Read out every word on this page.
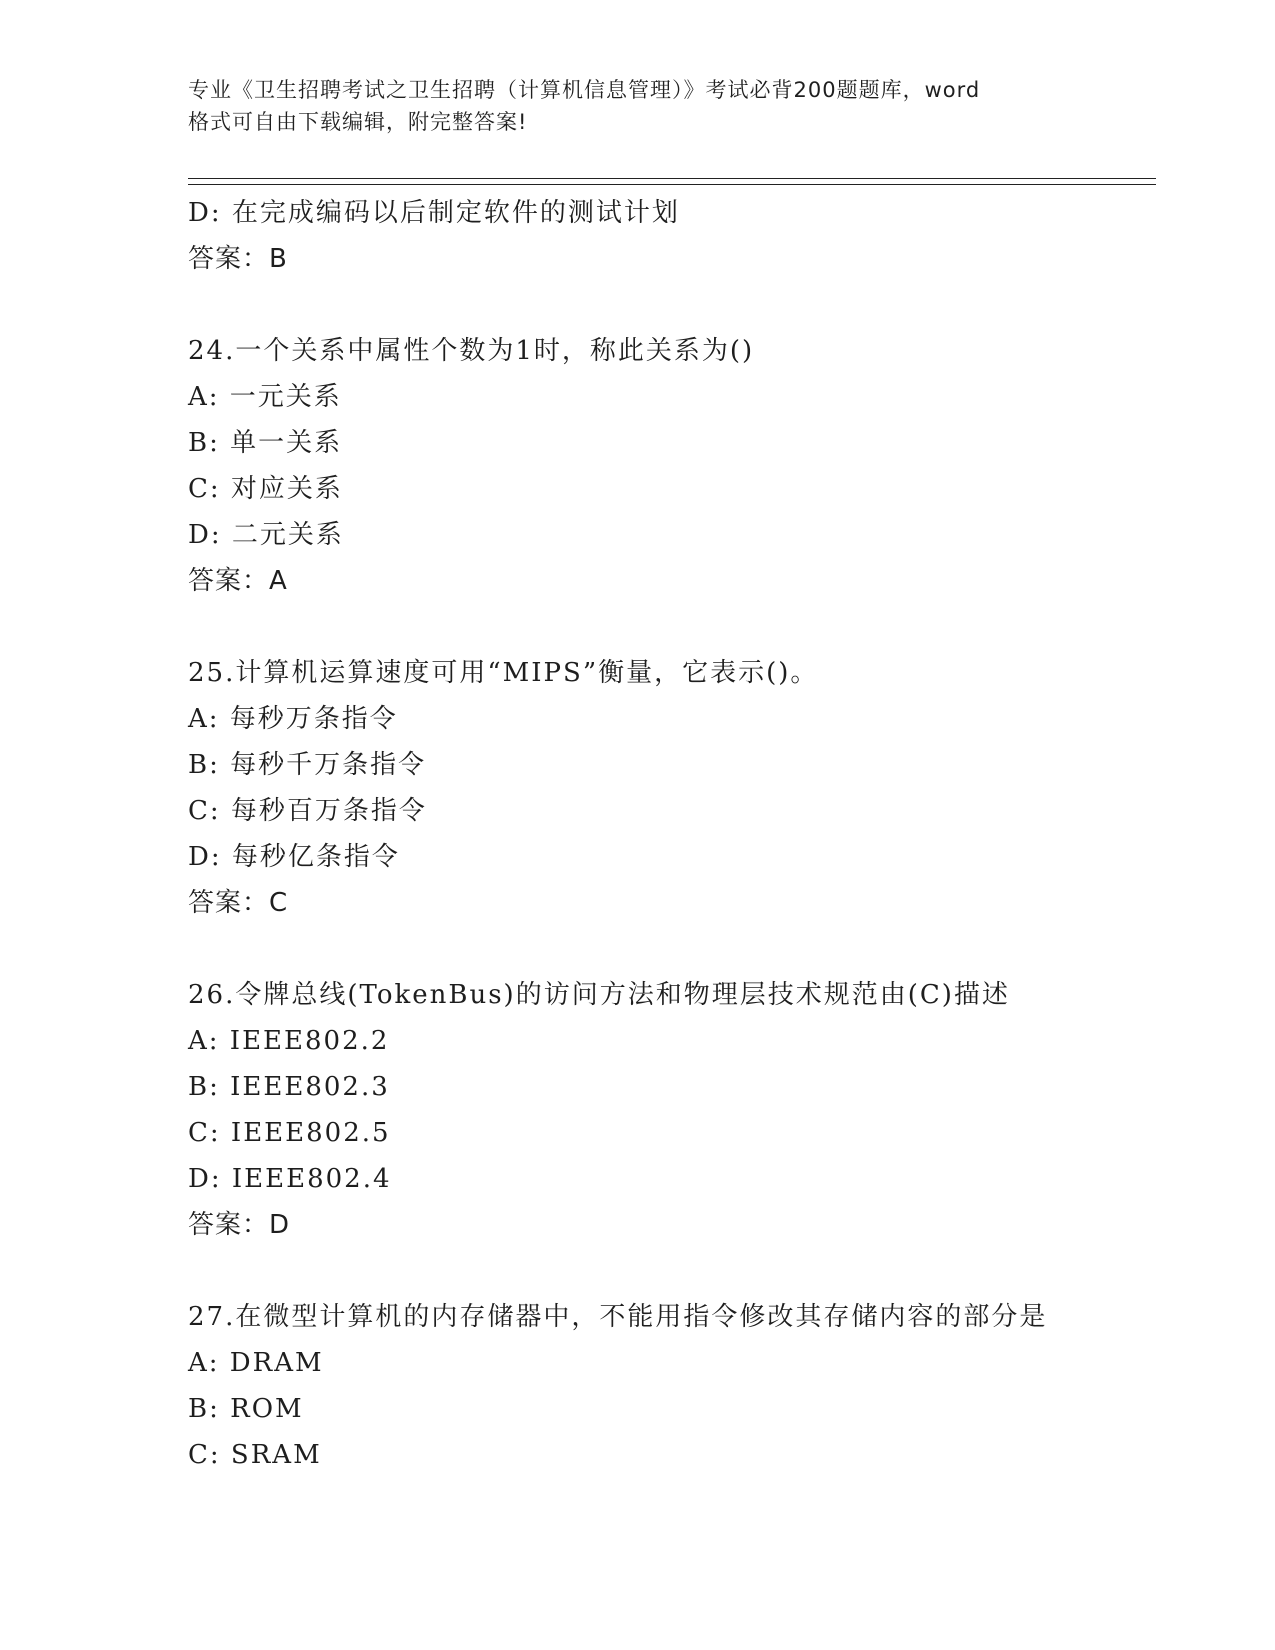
专业《卫生招聘考试之卫生招聘（计算机信息管理）》考试必背200题题库，word
格式可自由下载编辑，附完整答案!
D: 在完成编码以后制定软件的测试计划
答案：B
24.一个关系中属性个数为1时，称此关系为()
A: 一元关系
B: 单一关系
C: 对应关系
D: 二元关系
答案：A
25.计算机运算速度可用“MIPS”衡量，它表示()。
A: 每秒万条指令
B: 每秒千万条指令
C: 每秒百万条指令
D: 每秒亿条指令
答案：C
26.令牌总线(TokenBus)的访问方法和物理层技术规范由(C)描述
A: IEEE802.2
B: IEEE802.3
C: IEEE802.5
D: IEEE802.4
答案：D
27.在微型计算机的内存储器中，不能用指令修改其存储内容的部分是
A: DRAM
B: ROM
C: SRAM
